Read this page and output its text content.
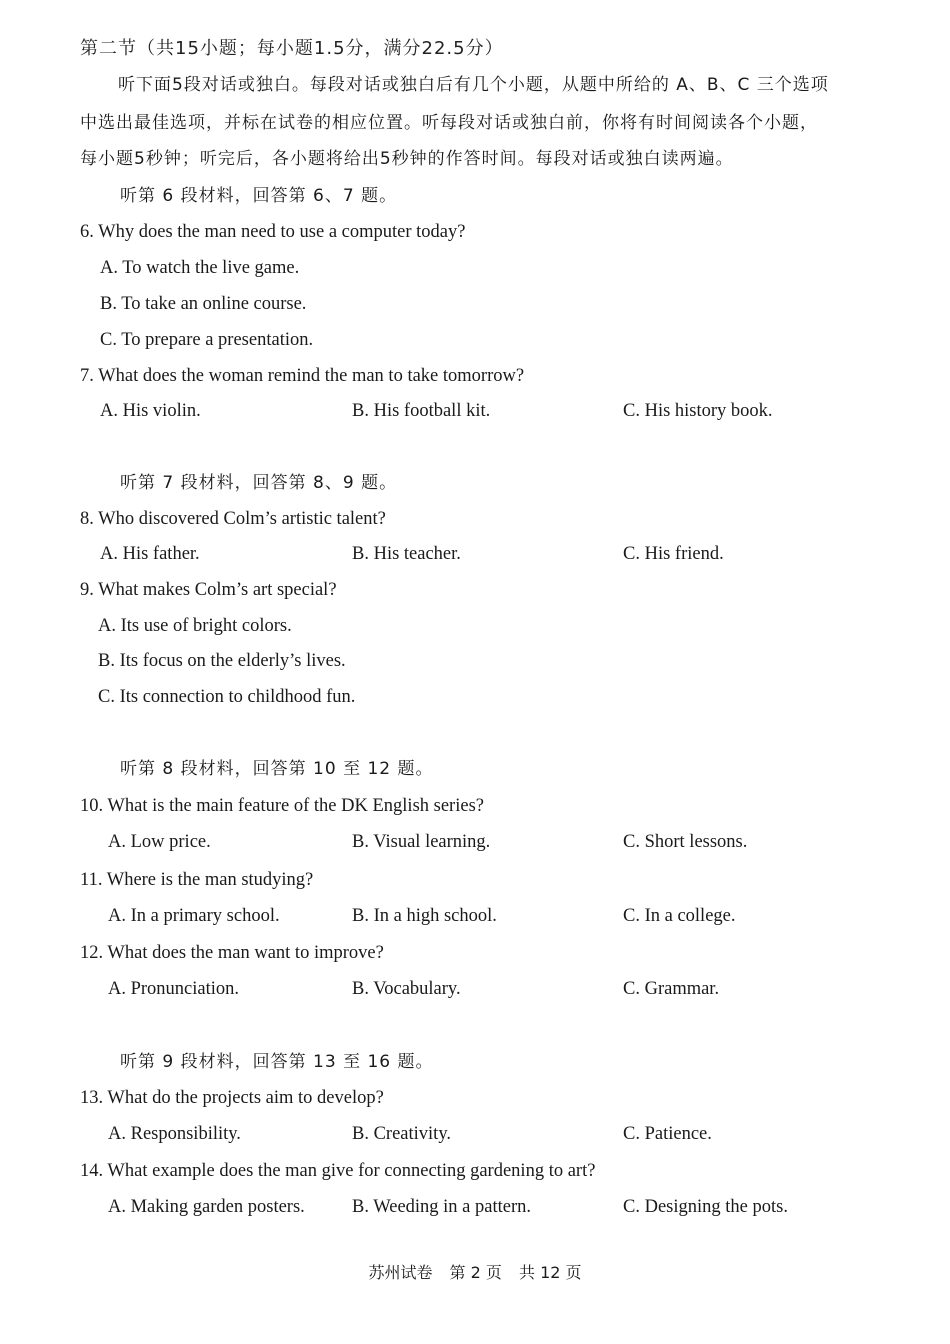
第二节（共15小题；每小题1.5分，满分22.5分）
听下面5段对话或独白。每段对话或独白后有几个小题，从题中所给的 A、B、C 三个选项
中选出最佳选项，并标在试卷的相应位置。听每段对话或独白前，你将有时间阅读各个小题，
每小题5秒钟；听完后，各小题将给出5秒钟的作答时间。每段对话或独白读两遍。
听第 6 段材料，回答第 6、7 题。
6. Why does the man need to use a computer today?
A. To watch the live game.
B. To take an online course.
C. To prepare a presentation.
7. What does the woman remind the man to take tomorrow?
A. His violin.	B. His football kit.	C. His history book.
听第 7 段材料，回答第 8、9 题。
8. Who discovered Colm’s artistic talent?
A. His father.	B. His teacher.	C. His friend.
9. What makes Colm’s art special?
A. Its use of bright colors.
B. Its focus on the elderly’s lives.
C. Its connection to childhood fun.
听第 8 段材料，回答第 10 至 12 题。
10. What is the main feature of the DK English series?
A. Low price.	B. Visual learning.	C. Short lessons.
11. Where is the man studying?
A. In a primary school.	B. In a high school.	C. In a college.
12. What does the man want to improve?
A. Pronunciation.	B. Vocabulary.	C. Grammar.
听第 9 段材料，回答第 13 至 16 题。
13. What do the projects aim to develop?
A. Responsibility.	B. Creativity.	C. Patience.
14. What example does the man give for connecting gardening to art?
A. Making garden posters.	B. Weeding in a pattern.	C. Designing the pots.
苏州试卷 第 2 页 共 12 页
